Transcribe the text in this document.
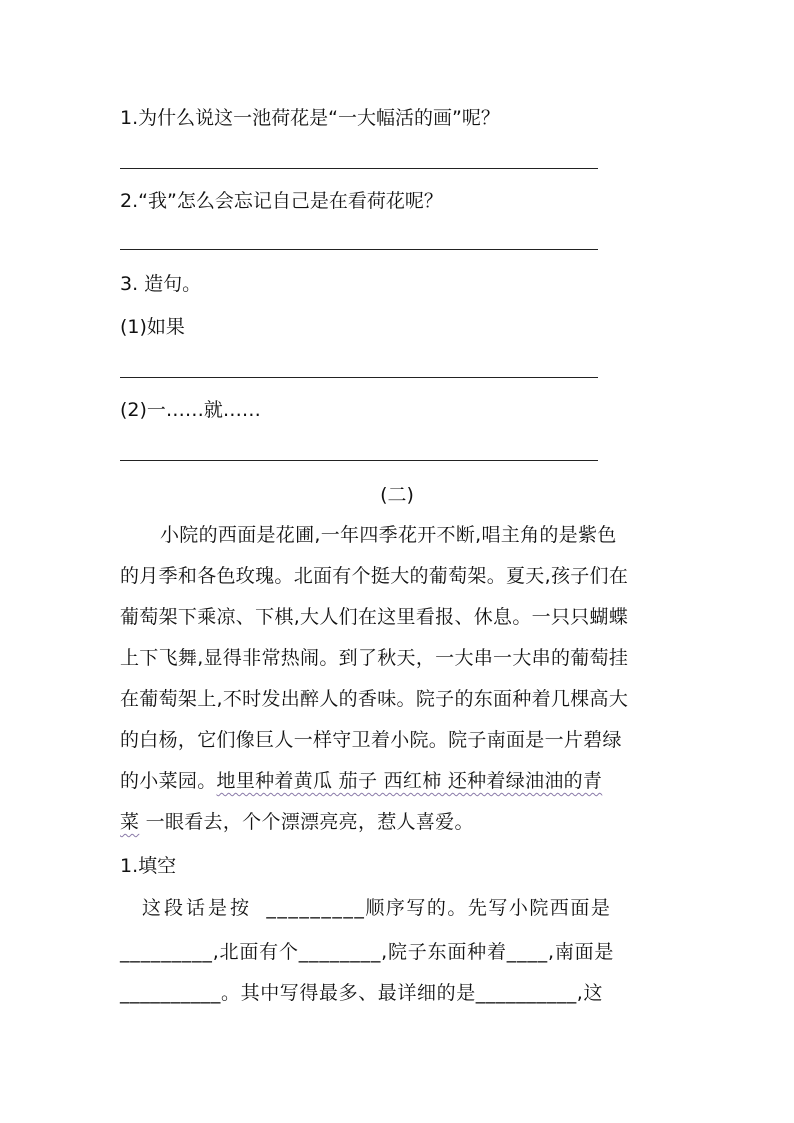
1.为什么说这一池荷花是“一大幅活的画”呢？
2.“我”怎么会忘记自己是在看荷花呢？
3. 造句。
(1)如果
(2)一……就……
(二)
小院的西面是花圃,一年四季花开不断,唱主角的是紫色
的月季和各色玫瑰。北面有个挺大的葡萄架。夏天,孩子们在
葡萄架下乘凉、下棋,大人们在这里看报、休息。一只只蝴蝶
上下飞舞,显得非常热闹。到了秋天，一大串一大串的葡萄挂
在葡萄架上,不时发出醉人的香味。院子的东面种着几棵高大
的白杨，它们像巨人一样守卫着小院。院子南面是一片碧绿
的小菜园。地里种着黄瓜 茄子 西红柿 还种着绿油油的青
菜 一眼看去，个个漂漂亮亮，惹人喜爱。
1.填空
这段话是按 _________顺序写的。先写小院西面是
_________,北面有个________,院子东面种着____,南面是
__________。其中写得最多、最详细的是__________,这
